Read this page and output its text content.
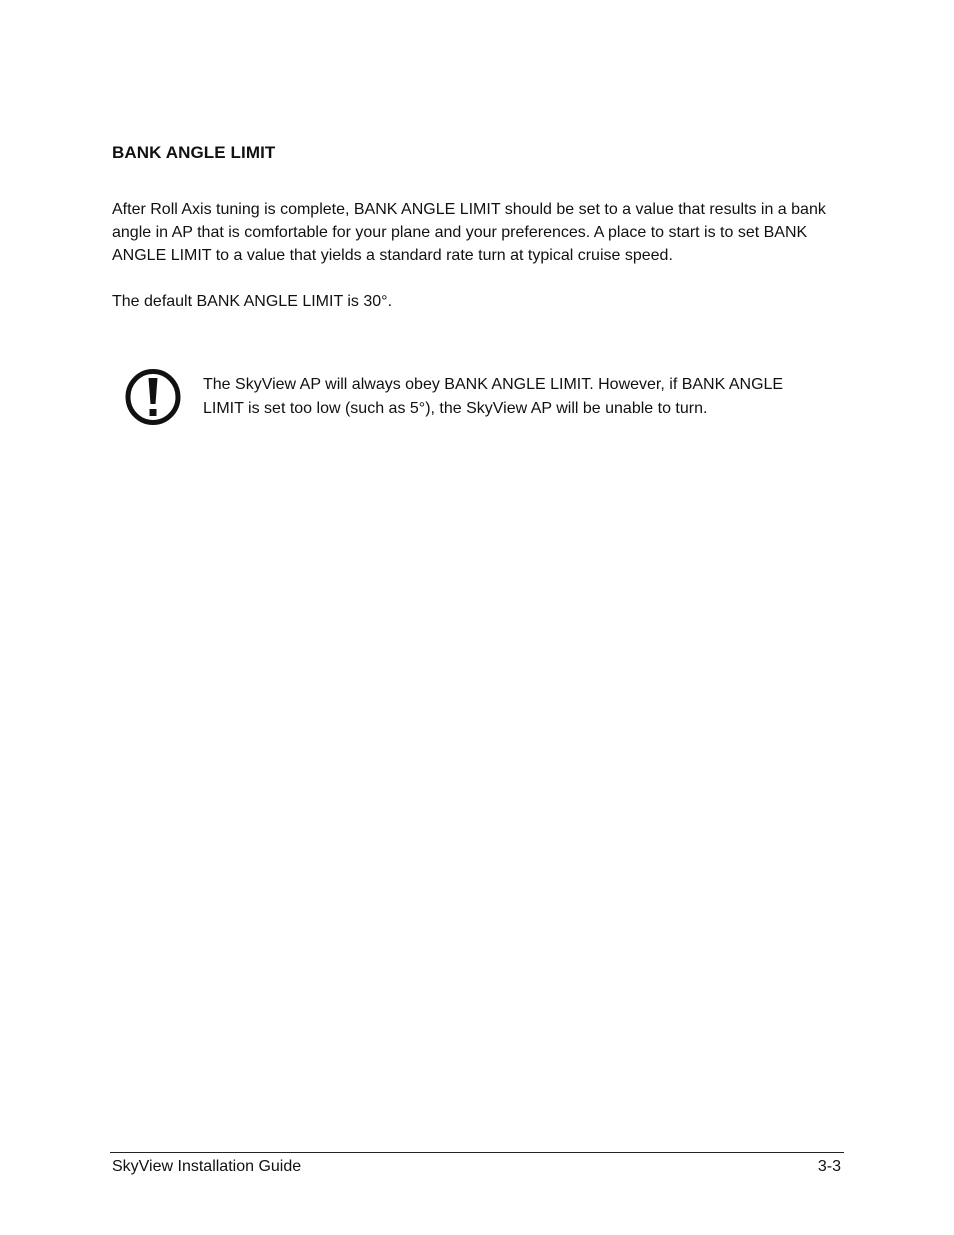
BANK ANGLE LIMIT

After Roll Axis tuning is complete, BANK ANGLE LIMIT should be set to a value that results in a bank angle in AP that is comfortable for your plane and your preferences. A place to start is to set BANK ANGLE LIMIT to a value that yields a standard rate turn at typical cruise speed.

The default BANK ANGLE LIMIT is 30°.

The SkyView AP will always obey BANK ANGLE LIMIT. However, if BANK ANGLE LIMIT is set too low (such as 5°), the SkyView AP will be unable to turn.

SkyView Installation Guide	3-3
